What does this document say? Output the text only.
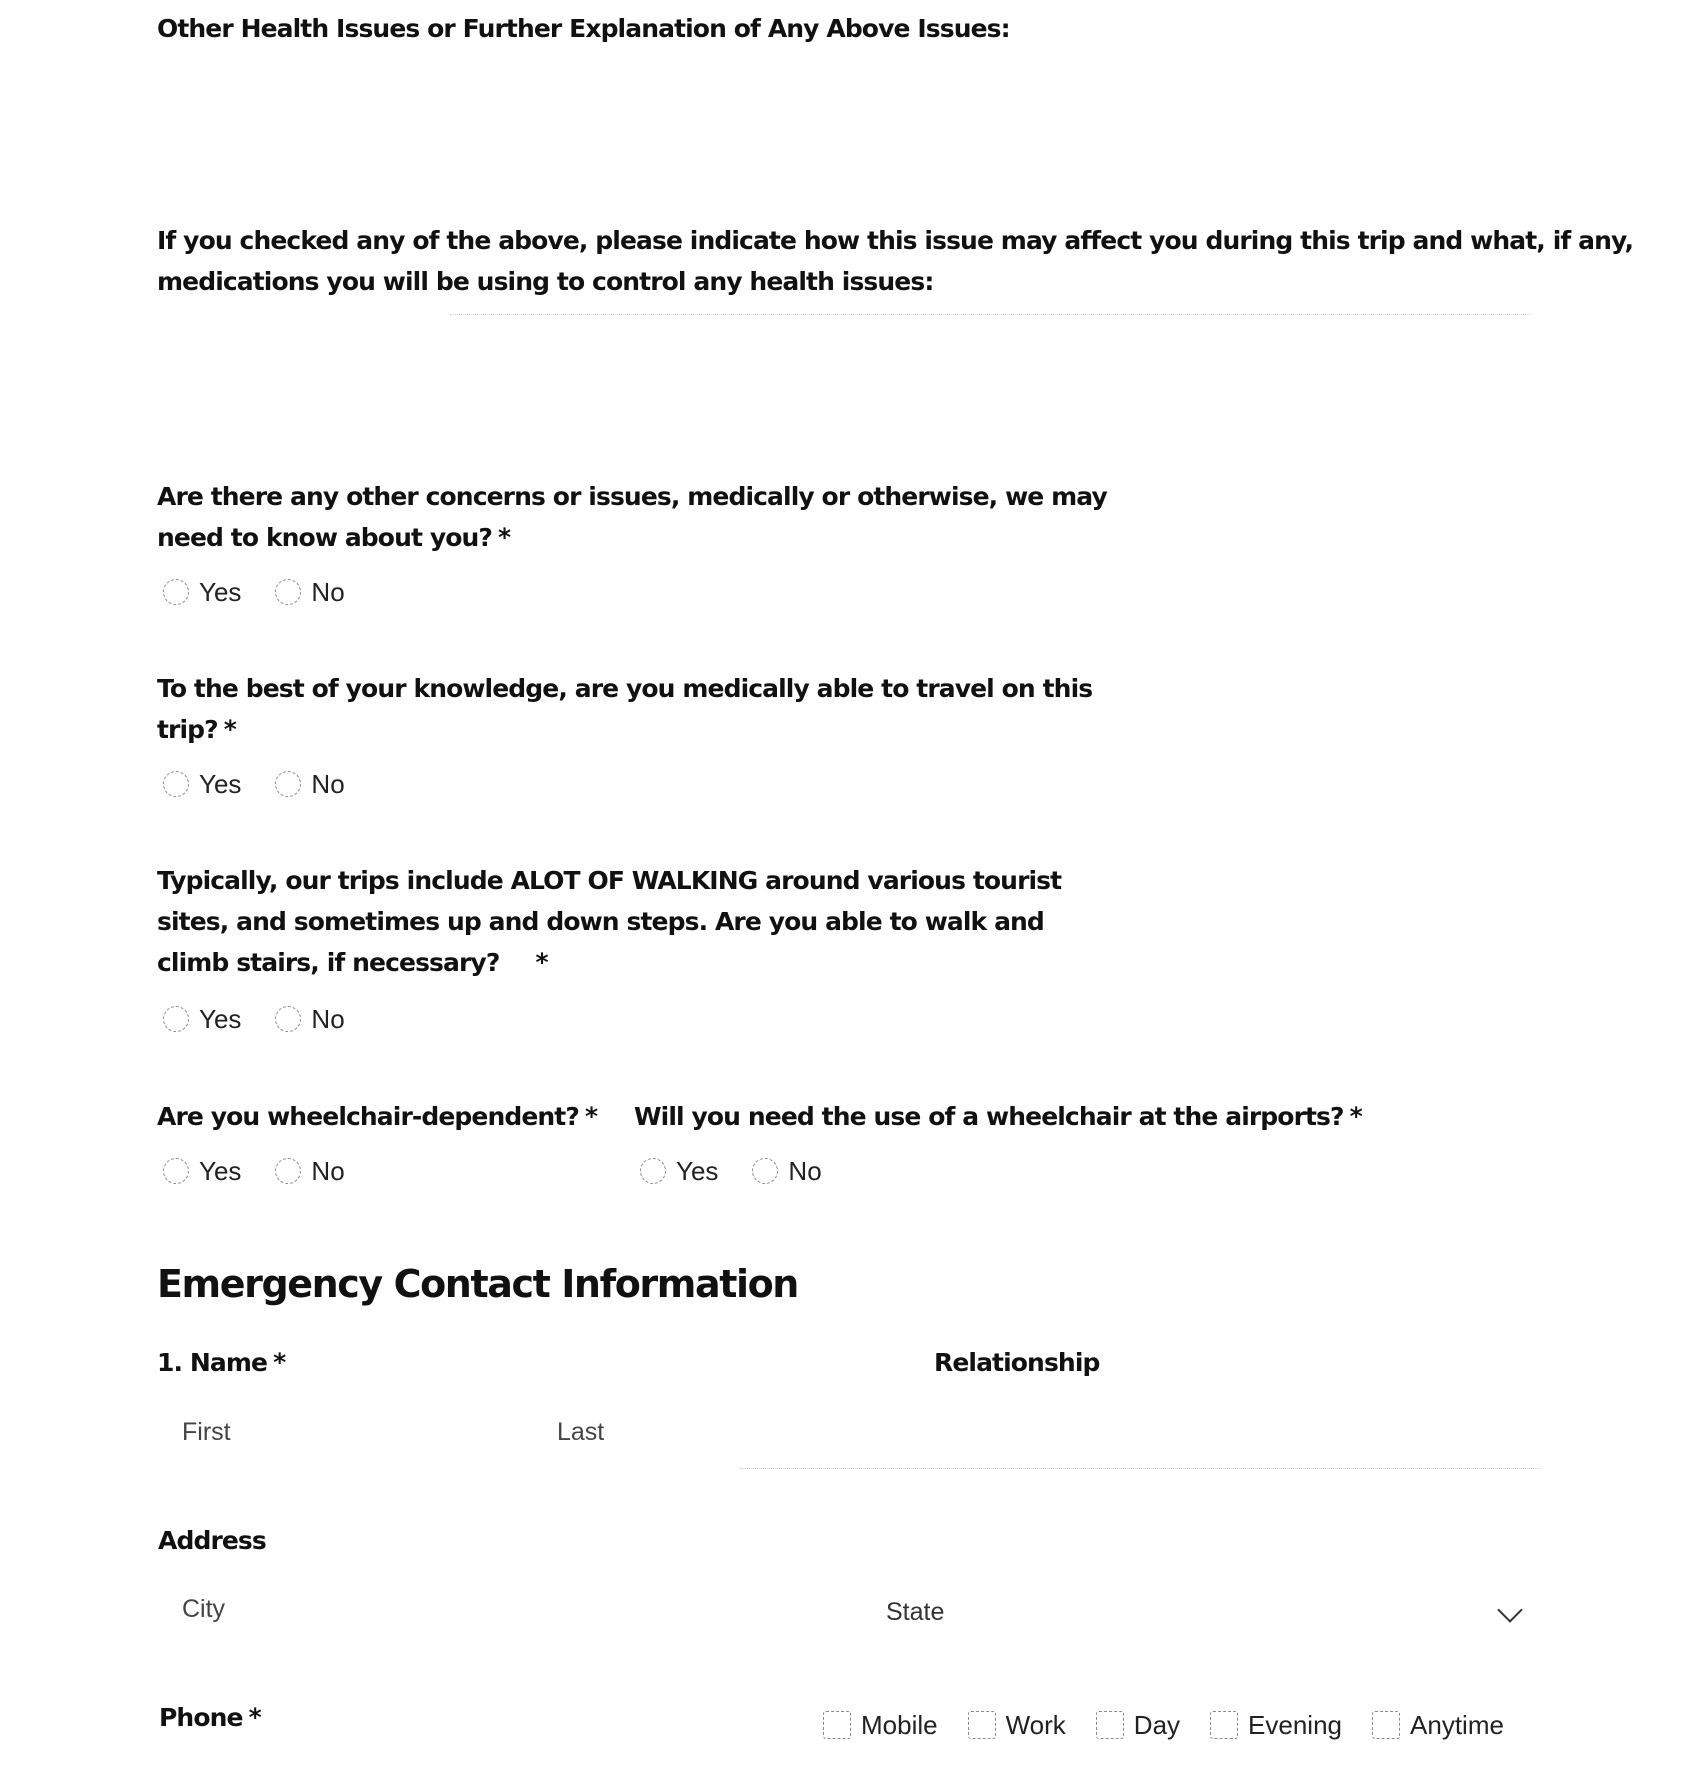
Other Health Issues or Further Explanation of Any Above Issues:
If you checked any of the above, please indicate how this issue may affect you during this trip and what, if any,
medications you will be using to control any health issues:
Are there any other concerns or issues, medically or otherwise, we may
need to know about you? *
Yes	No
To the best of your knowledge, are you medically able to travel on this
trip? *
Yes	No
Typically, our trips include ALOT OF WALKING around various tourist
sites, and sometimes up and down steps. Are you able to walk and
climb stairs, if necessary? *
Yes	No
Are you wheelchair-dependent? *
Yes	No
Will you need the use of a wheelchair at the airports? *
Yes	No
Emergency Contact Information
1. Name *	Relationship
First
Last
Address
City
State
Phone *	Mobile	Work	Day	Evening	Anytime
